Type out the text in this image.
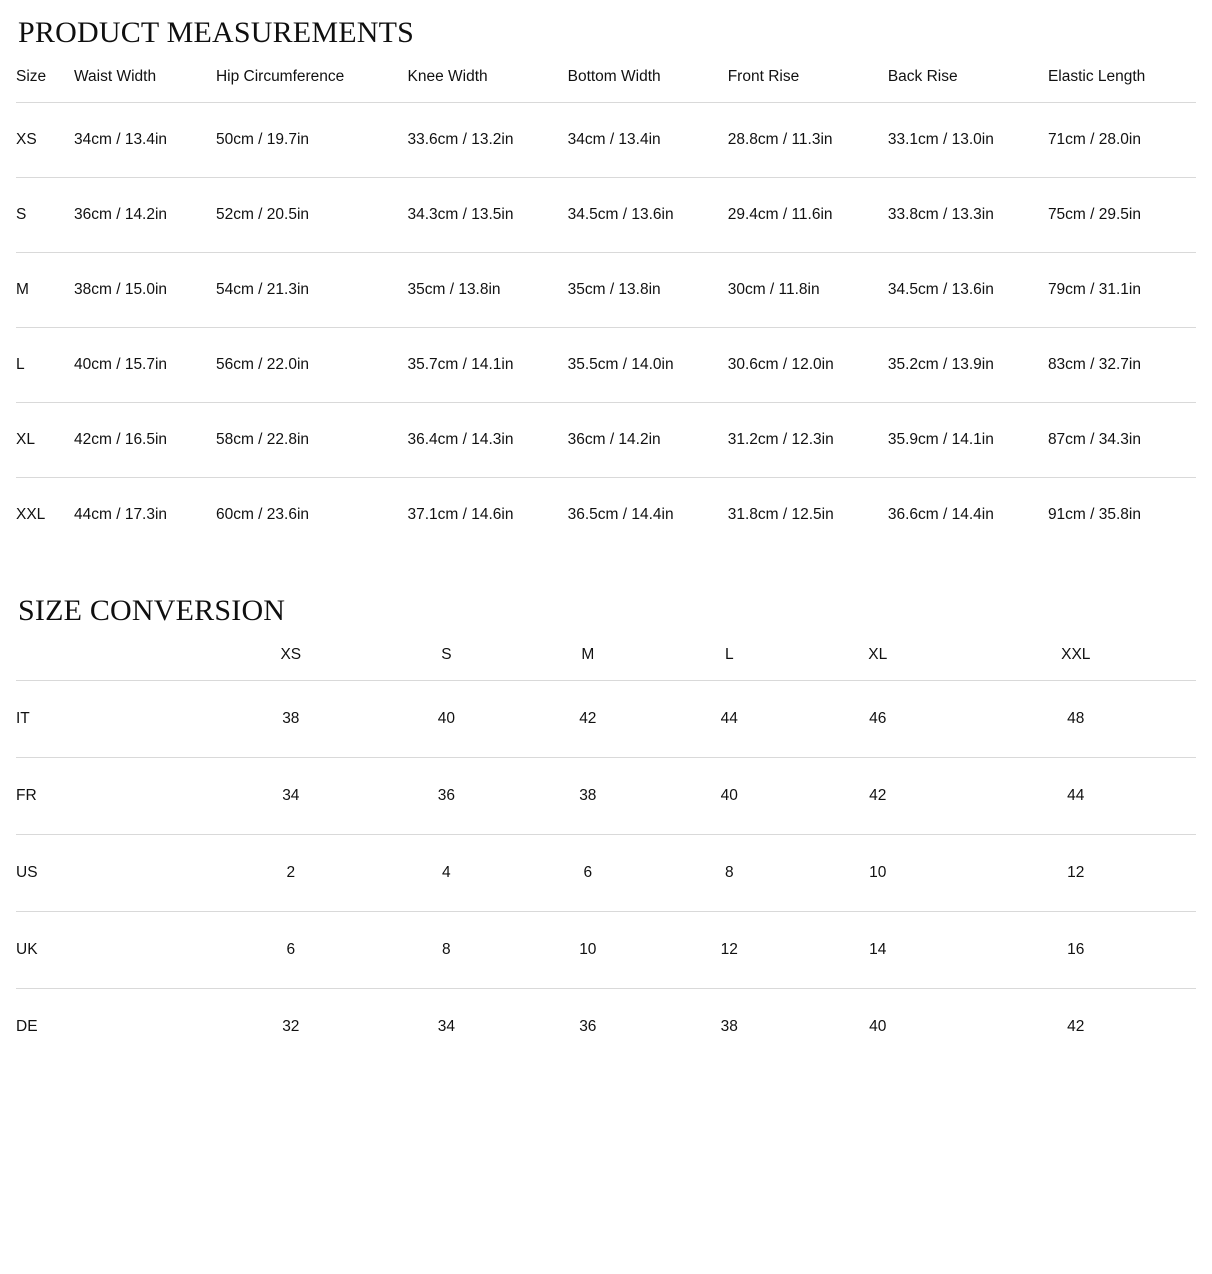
PRODUCT MEASUREMENTS
Size	Waist Width	Hip Circumference	Knee Width	Bottom Width	Front Rise	Back Rise	Elastic Length
XS	34cm / 13.4in	50cm / 19.7in	33.6cm / 13.2in	34cm / 13.4in	28.8cm / 11.3in	33.1cm / 13.0in	71cm / 28.0in
S	36cm / 14.2in	52cm / 20.5in	34.3cm / 13.5in	34.5cm / 13.6in	29.4cm / 11.6in	33.8cm / 13.3in	75cm / 29.5in
M	38cm / 15.0in	54cm / 21.3in	35cm / 13.8in	35cm / 13.8in	30cm / 11.8in	34.5cm / 13.6in	79cm / 31.1in
L	40cm / 15.7in	56cm / 22.0in	35.7cm / 14.1in	35.5cm / 14.0in	30.6cm / 12.0in	35.2cm / 13.9in	83cm / 32.7in
XL	42cm / 16.5in	58cm / 22.8in	36.4cm / 14.3in	36cm / 14.2in	31.2cm / 12.3in	35.9cm / 14.1in	87cm / 34.3in
XXL	44cm / 17.3in	60cm / 23.6in	37.1cm / 14.6in	36.5cm / 14.4in	31.8cm / 12.5in	36.6cm / 14.4in	91cm / 35.8in
SIZE CONVERSION
	XS	S	M	L	XL	XXL
IT	38	40	42	44	46	48
FR	34	36	38	40	42	44
US	2	4	6	8	10	12
UK	6	8	10	12	14	16
DE	32	34	36	38	40	42
